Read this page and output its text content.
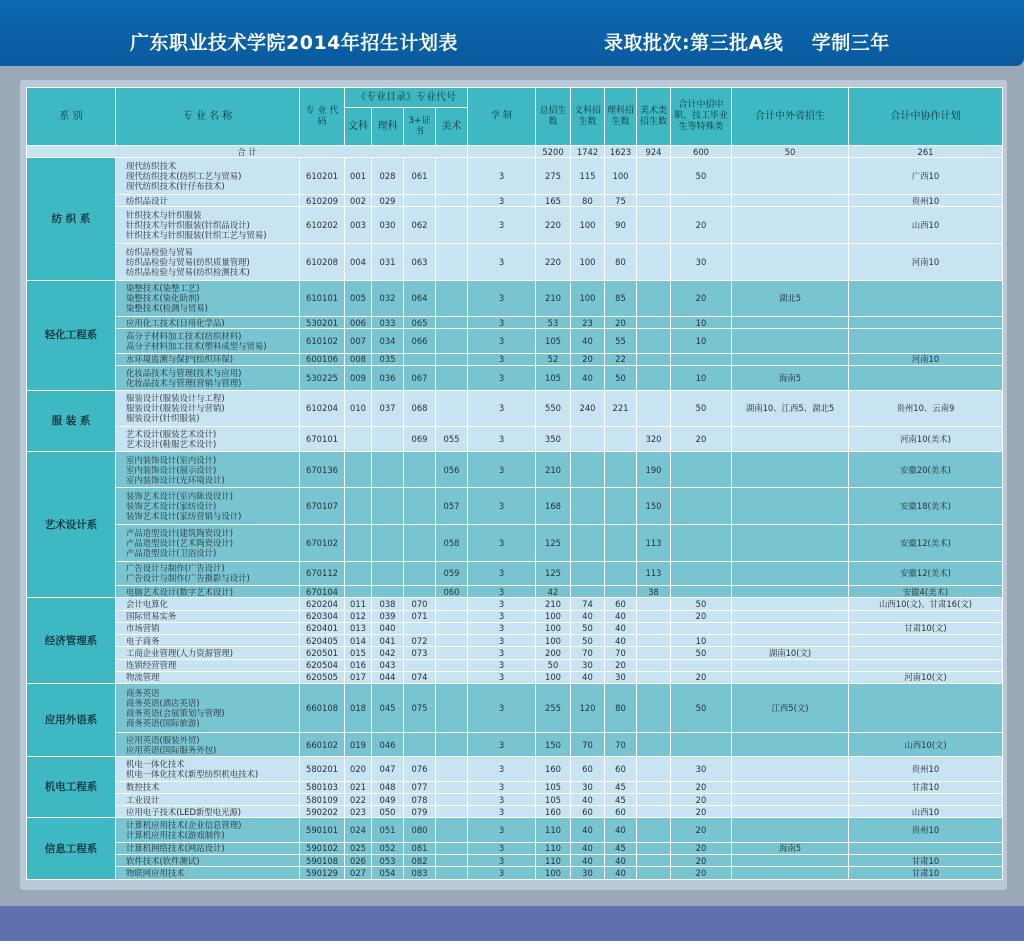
广东职业技术学院2014年招生计划表	录取批次:第三批A线    学制三年
系 别	专 业 名 称	专 业 代 码	《专业目录》专业代号				学 制	总招生数	文科招生数	理科招生数	美术类招生数	合计中招中职、技工毕业生等特殊类	合计中外省招生	合计中协作计划
			文科	理科	3+证书	美术								
合 计								5200	1742	1623	924	600	50	261
纺 织 系	现代纺织技术
现代纺织技术(纺织工艺与贸易)
现代纺织技术(针仔布技术)	610201	001	028	061		3	275	115	100		50		广西10

	纺织品设计	610209	002	029			3	165	80	75				贵州10

	针织技术与针织服装
针织技术与针织服装(针织品设计)
针织技术与针织服装(针织工艺与贸易)	610202	003	030	062		3	220	100	90		20		山西10

	纺织品检验与贸易
纺织品检验与贸易(纺织质量管理)
纺织品检验与贸易(纺织检测技术)	610208	004	031	063		3	220	100	80		30		河南10
轻化工程系	染整技术(染整工艺)
染整技术(染化助剂)
染整技术(检测与贸易)	610101	005	032	064		3	210	100	85		20	湖北5	

	应用化工技术(日用化学品)	530201	006	033	065		3	53	23	20		10		

	高分子材料加工技术(纺织材料)
高分子材料加工技术(塑料成型与贸易)	610102	007	034	066		3	105	40	55		10		

	水环境监测与保护(纺织环保)	600106	008	035			3	52	20	22				河南10

	化妆品技术与管理(技术与应用)
化妆品技术与管理(营销与管理)	530225	009	036	067		3	105	40	50		10	海南5	
服 装 系	服装设计(服装设计与工程)
服装设计(服装设计与营销)
服装设计(针织服装)	610204	010	037	068		3	550	240	221		50	湖南10、江西5、湖北5	贵州10、云南9

	艺术设计(服装艺术设计)
艺术设计(鞋服艺术设计)	670101			069	055	3	350			320	20		河南10(美术)
艺术设计系	室内装饰设计(室内设计)
室内装饰设计(展示设计)
室内装饰设计(光环境设计)	670136				056	3	210			190			安徽20(美术)

	装饰艺术设计(室内陈设设计)
装饰艺术设计(家纺设计)
装饰艺术设计(家纺营销与设计)	670107				057	3	168			150			安徽18(美术)

	产品造型设计(建筑陶瓷设计)
产品造型设计(艺术陶瓷设计)
产品造型设计(卫浴设计)	670102				058	3	125			113			安徽12(美术)

	广告设计与制作(广告设计)
广告设计与制作(广告摄影与设计)	670112				059	3	125			113			安徽12(美术)

	电脑艺术设计(数字艺术设计)	670104				060	3	42			38			安徽4(美术)
经济管理系	会计电算化	620204	011	038	070		3	210	74	60		50		山西10(文)、甘肃16(文)

	国际贸易实务	620304	012	039	071		3	100	40	40		20		

	市场营销	620401	013	040			3	100	50	40				甘肃10(文)

	电子商务	620405	014	041	072		3	100	50	40		10		

	工商企业管理(人力资源管理)	620501	015	042	073		3	200	70	70		50	湖南10(文)	

	连锁经营管理	620504	016	043			3	50	30	20				

	物流管理	620505	017	044	074		3	100	40	30		20		河南10(文)
应用外语系	商务英语
商务英语(酒店英语)
商务英语(会展策划与管理)
商务英语(国际旅游)	660108	018	045	075		3	255	120	80		50	江西5(文)	

	应用英语(服装外贸)
应用英语(国际服务外包)	660102	019	046			3	150	70	70				山西10(文)
机电工程系	机电一体化技术
机电一体化技术(新型纺织机电技术)	580201	020	047	076		3	160	60	60		30		贵州10

	数控技术	580103	021	048	077		3	105	30	45		20		甘肃10

	工业设计	580109	022	049	078		3	105	40	45		20		

	应用电子技术(LED新型电光源)	590202	023	050	079		3	160	60	60		20		山西10
信息工程系	计算机应用技术(企业信息管理)
计算机应用技术(游戏制作)	590101	024	051	080		3	110	40	40		20		贵州10

	计算机网络技术(网站设计)	590102	025	052	081		3	110	40	45		20	海南5	

	软件技术(软件测试)	590108	026	053	082		3	110	40	40		20		甘肃10

	物联网应用技术	590129	027	054	083		3	100	30	40		20		甘肃10
